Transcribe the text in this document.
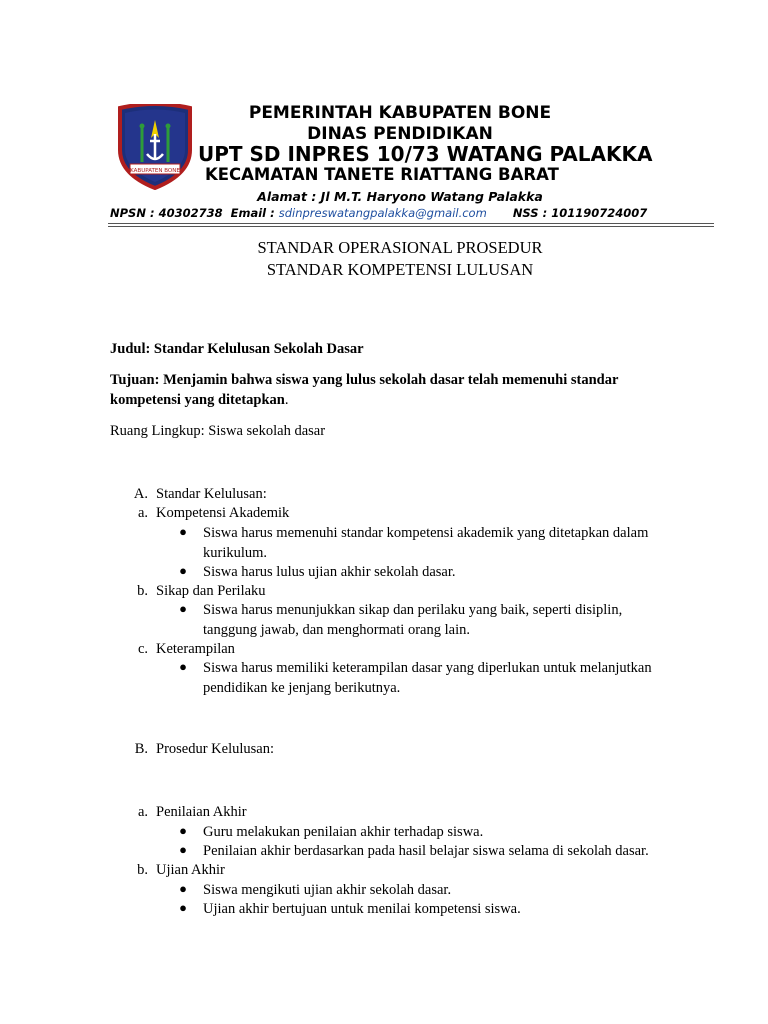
KABUPATEN BONE
PEMERINTAH KABUPATEN BONE
DINAS PENDIDIKAN
UPT SD INPRES 10/73 WATANG PALAKKA
KECAMATAN TANETE RIATTANG BARAT
Alamat : Jl M.T. Haryono Watang Palakka
NPSN : 40302738 Email : sdinpreswatangpalakka@gmail.com NSS : 101190724007
STANDAR OPERASIONAL PROSEDUR
STANDAR KOMPETENSI LULUSAN
Judul: Standar Kelulusan Sekolah Dasar
Tujuan: Menjamin bahwa siswa yang lulus sekolah dasar telah memenuhi standar
kompetensi yang ditetapkan.
Ruang Lingkup: Siswa sekolah dasar
A. Standar Kelulusan:
a. Kompetensi Akademik
● Siswa harus memenuhi standar kompetensi akademik yang ditetapkan dalam
kurikulum.
● Siswa harus lulus ujian akhir sekolah dasar.
b. Sikap dan Perilaku
● Siswa harus menunjukkan sikap dan perilaku yang baik, seperti disiplin,
tanggung jawab, dan menghormati orang lain.
c. Keterampilan
● Siswa harus memiliki keterampilan dasar yang diperlukan untuk melanjutkan
pendidikan ke jenjang berikutnya.
B. Prosedur Kelulusan:
a. Penilaian Akhir
● Guru melakukan penilaian akhir terhadap siswa.
● Penilaian akhir berdasarkan pada hasil belajar siswa selama di sekolah dasar.
b. Ujian Akhir
● Siswa mengikuti ujian akhir sekolah dasar.
● Ujian akhir bertujuan untuk menilai kompetensi siswa.
